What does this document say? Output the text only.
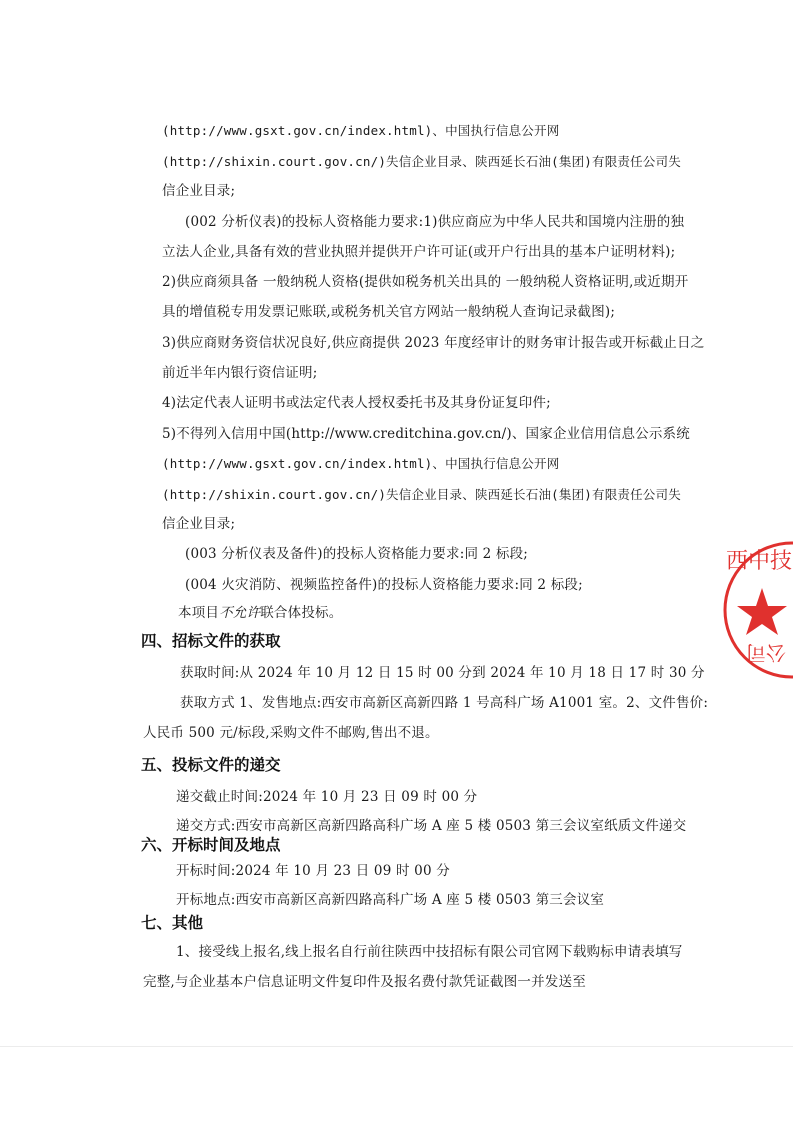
(http://www.gsxt.gov.cn/index.html)、中国执行信息公开网
(http://shixin.court.gov.cn/)失信企业目录、陕西延长石油(集团)有限责任公司失
信企业目录;
(002 分析仪表)的投标人资格能力要求:1)供应商应为中华人民共和国境内注册的独
立法人企业,具备有效的营业执照并提供开户许可证(或开户行出具的基本户证明材料);
2)供应商须具备 一般纳税人资格(提供如税务机关出具的 一般纳税人资格证明,或近期开
具的增值税专用发票记账联,或税务机关官方网站一般纳税人查询记录截图);
3)供应商财务资信状况良好,供应商提供 2023 年度经审计的财务审计报告或开标截止日之
前近半年内银行资信证明;
4)法定代表人证明书或法定代表人授权委托书及其身份证复印件;
5)不得列入信用中国(http://www.creditchina.gov.cn/)、国家企业信用信息公示系统
(http://www.gsxt.gov.cn/index.html)、中国执行信息公开网
(http://shixin.court.gov.cn/)失信企业目录、陕西延长石油(集团)有限责任公司失
信企业目录;
(003 分析仪表及备件)的投标人资格能力要求:同 2 标段;
(004 火灾消防、视频监控备件)的投标人资格能力要求:同 2 标段;
本项目不允许联合体投标。
四、招标文件的获取
获取时间:从 2024 年 10 月 12 日 15 时 00 分到 2024 年 10 月 18 日 17 时 30 分
获取方式 1、发售地点:西安市高新区高新四路 1 号高科广场 A1001 室。2、文件售价:
人民币 500 元/标段,采购文件不邮购,售出不退。
五、投标文件的递交
递交截止时间:2024 年 10 月 23 日 09 时 00 分
递交方式:西安市高新区高新四路高科广场 A 座 5 楼 0503 第三会议室纸质文件递交
六、开标时间及地点
开标时间:2024 年 10 月 23 日 09 时 00 分
开标地点:西安市高新区高新四路高科广场 A 座 5 楼 0503 第三会议室
七、其他
1、接受线上报名,线上报名自行前往陕西中技招标有限公司官网下载购标申请表填写
完整,与企业基本户信息证明文件复印件及报名费付款凭证截图一并发送至
西中技
公司
